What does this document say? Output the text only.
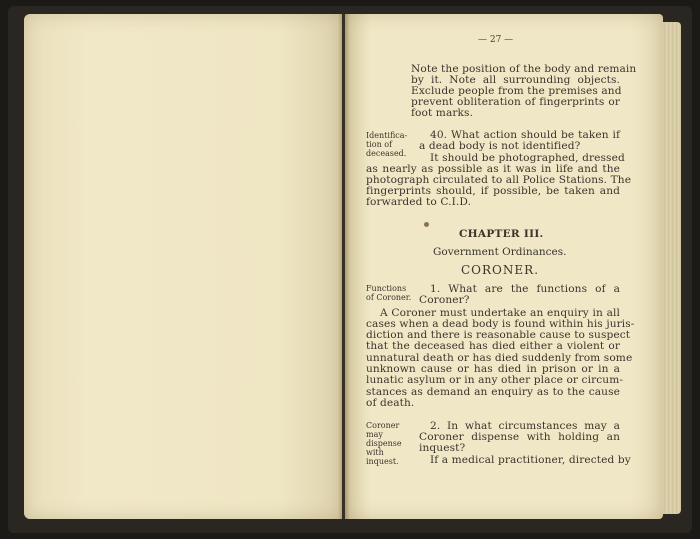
— 27 —
Note the position of the body and remain
by it. Note all surrounding objects.
Exclude people from the premises and
prevent obliteration of fingerprints or
foot marks.
Identifica-
tion of
deceased.
40. What action should be taken if
a dead body is not identified?
It should be photographed, dressed
as nearly as possible as it was in life and the
photograph circulated to all Police Stations. The
fingerprints should, if possible, be taken and
forwarded to C.I.D.
CHAPTER III.
Government Ordinances.
CORONER.
Functions
of Coroner.
1. What are the functions of a
Coroner?
A Coroner must undertake an enquiry in all
cases when a dead body is found within his juris-
diction and there is reasonable cause to suspect
that the deceased has died either a violent or
unnatural death or has died suddenly from some
unknown cause or has died in prison or in a
lunatic asylum or in any other place or circum-
stances as demand an enquiry as to the cause
of death.
Coroner
may
dispense
with
inquest.
2. In what circumstances may a
Coroner dispense with holding an
inquest?
If a medical practitioner, directed by
